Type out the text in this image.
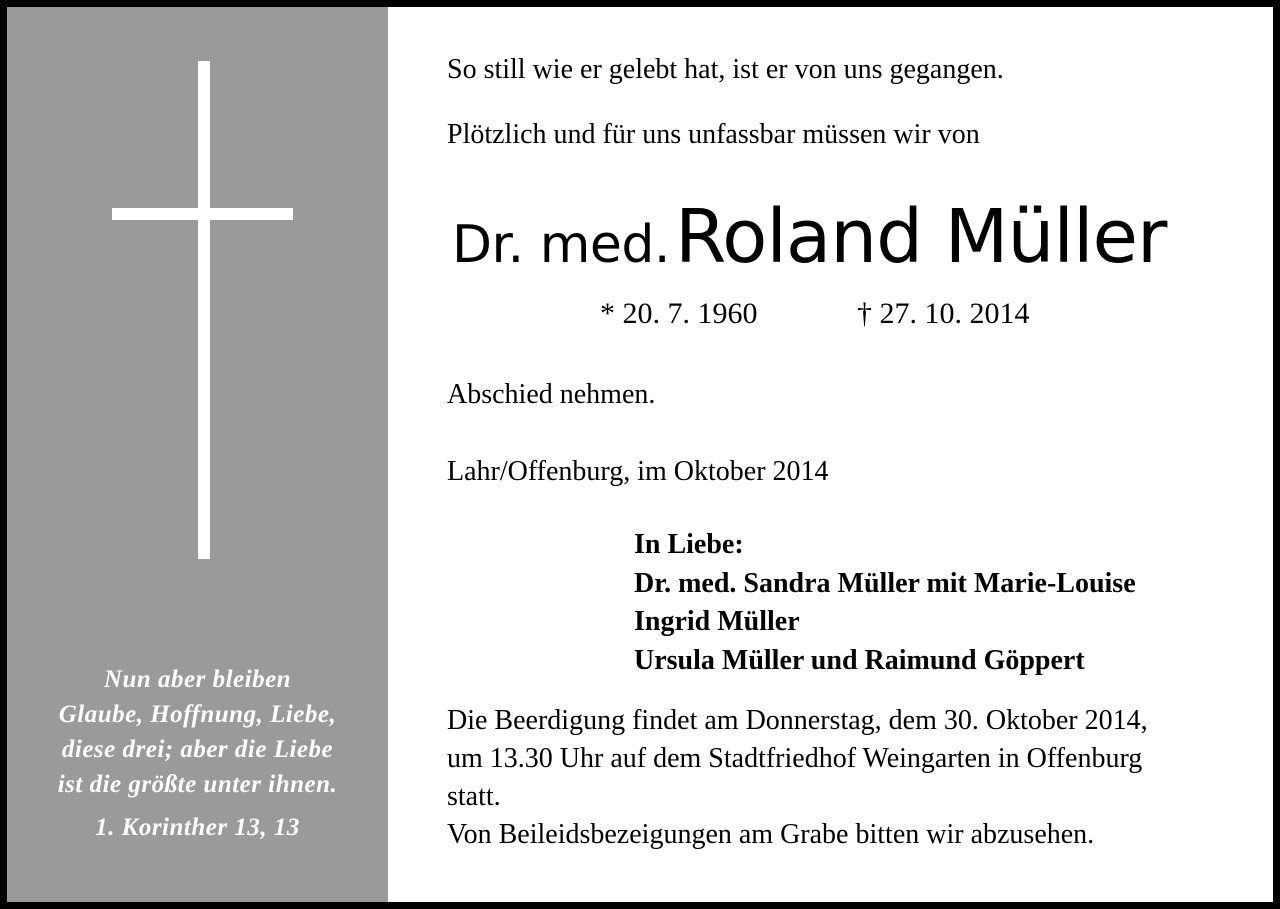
Nun aber bleiben
Glaube, Hoffnung, Liebe,
diese drei; aber die Liebe
ist die größte unter ihnen.
1. Korinther 13, 13
So still wie er gelebt hat, ist er von uns gegangen.
Plötzlich und für uns unfassbar müssen wir von
Dr. med. Roland Müller
* 20. 7. 1960	† 27. 10. 2014
Abschied nehmen.
Lahr/Offenburg, im Oktober 2014
In Liebe:
Dr. med. Sandra Müller mit Marie-Louise
Ingrid Müller
Ursula Müller und Raimund Göppert
Die Beerdigung findet am Donnerstag, dem 30. Oktober 2014,
um 13.30 Uhr auf dem Stadtfriedhof Weingarten in Offenburg
statt.
Von Beileidsbezeigungen am Grabe bitten wir abzusehen.
